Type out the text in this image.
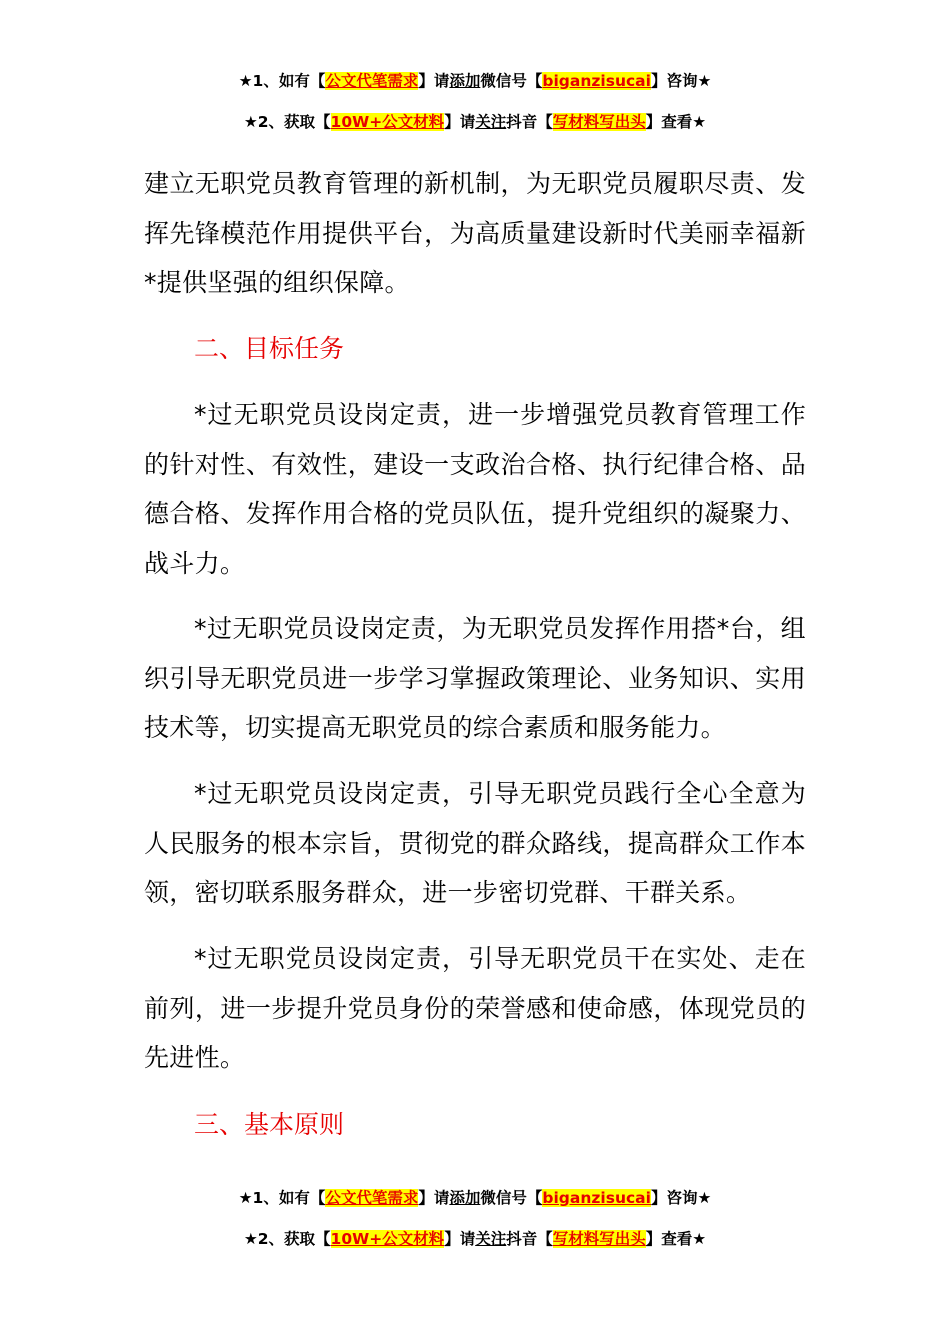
★1、如有【公文代笔需求】请添加微信号【biganzisucai】咨询★
★2、获取【10W+公文材料】请关注抖音【写材料写出头】查看★

建立无职党员教育管理的新机制，为无职党员履职尽责、发挥先锋模范作用提供平台，为高质量建设新时代美丽幸福新*提供坚强的组织保障。

二、目标任务

*过无职党员设岗定责，进一步增强党员教育管理工作的针对性、有效性，建设一支政治合格、执行纪律合格、品德合格、发挥作用合格的党员队伍，提升党组织的凝聚力、战斗力。

*过无职党员设岗定责，为无职党员发挥作用搭*台，组织引导无职党员进一步学习掌握政策理论、业务知识、实用技术等，切实提高无职党员的综合素质和服务能力。

*过无职党员设岗定责，引导无职党员践行全心全意为人民服务的根本宗旨，贯彻党的群众路线，提高群众工作本领，密切联系服务群众，进一步密切党群、干群关系。

*过无职党员设岗定责，引导无职党员干在实处、走在前列，进一步提升党员身份的荣誉感和使命感，体现党员的先进性。

三、基本原则

★1、如有【公文代笔需求】请添加微信号【biganzisucai】咨询★
★2、获取【10W+公文材料】请关注抖音【写材料写出头】查看★
